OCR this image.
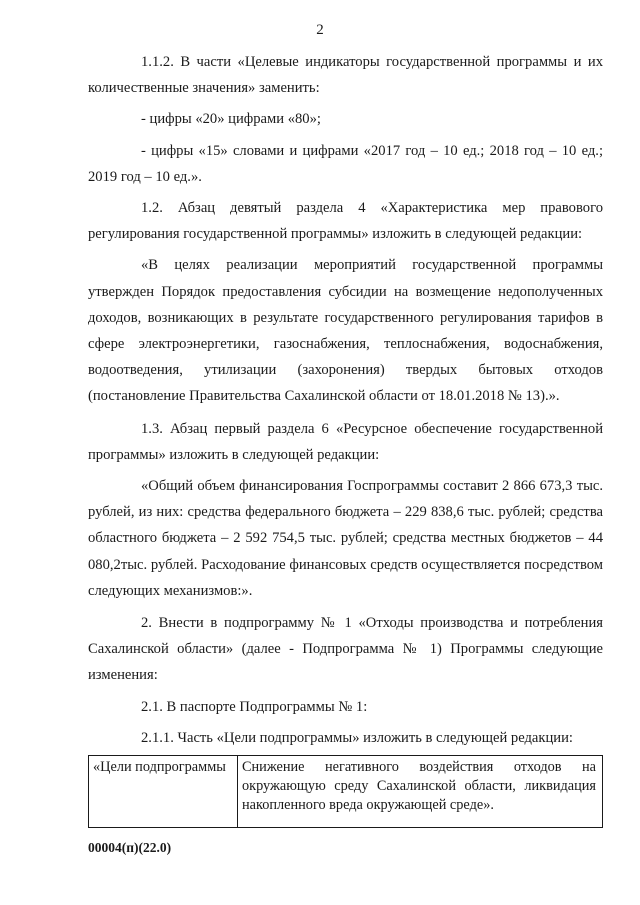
2

1.1.2. В части «Целевые индикаторы государственной программы и их количественные значения» заменить:

- цифры «20» цифрами «80»;

- цифры «15» словами и цифрами «2017 год – 10 ед.; 2018 год – 10 ед.; 2019 год – 10 ед.».

1.2. Абзац девятый раздела 4 «Характеристика мер правового регулирования государственной программы» изложить в следующей редакции:

«В целях реализации мероприятий государственной программы утвержден Порядок предоставления субсидии на возмещение недополученных доходов, возникающих в результате государственного регулирования тарифов в сфере электроэнергетики, газоснабжения, теплоснабжения, водоснабжения, водоотведения, утилизации (захоронения) твердых бытовых отходов (постановление Правительства Сахалинской области от 18.01.2018 № 13).».

1.3. Абзац первый раздела 6 «Ресурсное обеспечение государственной программы» изложить в следующей редакции:

«Общий объем финансирования Госпрограммы составит 2 866 673,3 тыс. рублей, из них: средства федерального бюджета – 229 838,6 тыс. рублей; средства областного бюджета – 2 592 754,5 тыс. рублей; средства местных бюджетов – 44 080,2тыс. рублей. Расходование финансовых средств осуществляется посредством следующих механизмов:».

2. Внести в подпрограмму № 1 «Отходы производства и потребления Сахалинской области» (далее - Подпрограмма № 1) Программы следующие изменения:

2.1. В паспорте Подпрограммы № 1:

2.1.1. Часть «Цели подпрограммы» изложить в следующей редакции:

«Цели подпрограммы	Снижение негативного воздействия отходов на окружающую среду Сахалинской области, ликвидация накопленного вреда окружающей среде».
00004(п)(22.0)
